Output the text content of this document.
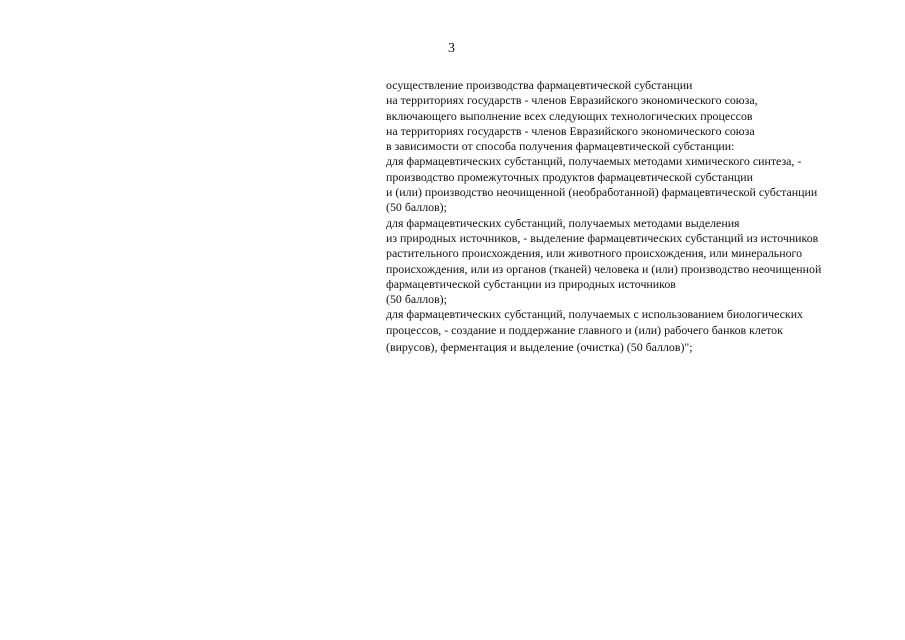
3
осуществление производства фармацевтической субстанции
на территориях государств - членов Евразийского экономического союза,
включающего выполнение всех следующих технологических процессов
на территориях государств - членов Евразийского экономического союза
в зависимости от способа получения фармацевтической субстанции:
для фармацевтических субстанций, получаемых методами химического синтеза, -
производство промежуточных продуктов фармацевтической субстанции
и (или) производство неочищенной (необработанной) фармацевтической субстанции
(50 баллов);
для фармацевтических субстанций, получаемых методами выделения
из природных источников, - выделение фармацевтических субстанций из источников
растительного происхождения, или животного происхождения, или минерального
происхождения, или из органов (тканей) человека и (или) производство неочищенной
фармацевтической субстанции из природных источников
(50 баллов);
для фармацевтических субстанций, получаемых с использованием биологических
процессов, - создание и поддержание главного и (или) рабочего банков клеток
(вирусов), ферментация и выделение (очистка) (50 баллов)";
